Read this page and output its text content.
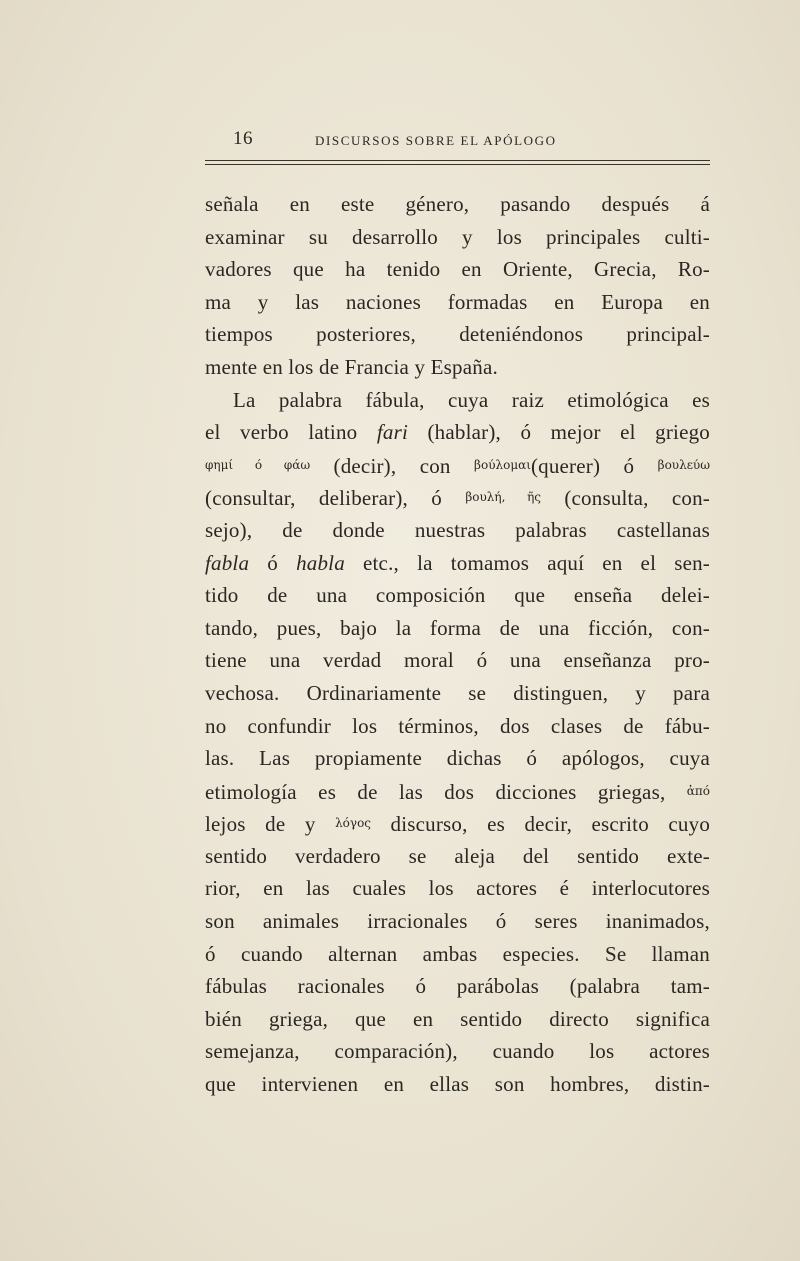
16	DISCURSOS SOBRE EL APÓLOGO
señala en este género, pasando después á
examinar su desarrollo y los principales culti-
vadores que ha tenido en Oriente, Grecia, Ro-
ma y las naciones formadas en Europa en
tiempos posteriores, deteniéndonos principal-
mente en los de Francia y España.
La palabra fábula, cuya raiz etimológica es
el verbo latino fari (hablar), ó mejor el griego
φημί ó φάω (decir), con βούλομαι(querer) ó βουλεύω
(consultar, deliberar), ó βουλή, ῆς (consulta, con-
sejo), de donde nuestras palabras castellanas
fabla ó habla etc., la tomamos aquí en el sen-
tido de una composición que enseña delei-
tando, pues, bajo la forma de una ficción, con-
tiene una verdad moral ó una enseñanza pro-
vechosa. Ordinariamente se distinguen, y para
no confundir los términos, dos clases de fábu-
las. Las propiamente dichas ó apólogos, cuya
etimología es de las dos dicciones griegas, ἀπό
lejos de y λόγος discurso, es decir, escrito cuyo
sentido verdadero se aleja del sentido exte-
rior, en las cuales los actores é interlocutores
son animales irracionales ó seres inanimados,
ó cuando alternan ambas especies. Se llaman
fábulas racionales ó parábolas (palabra tam-
bién griega, que en sentido directo significa
semejanza, comparación), cuando los actores
que intervienen en ellas son hombres, distin-
